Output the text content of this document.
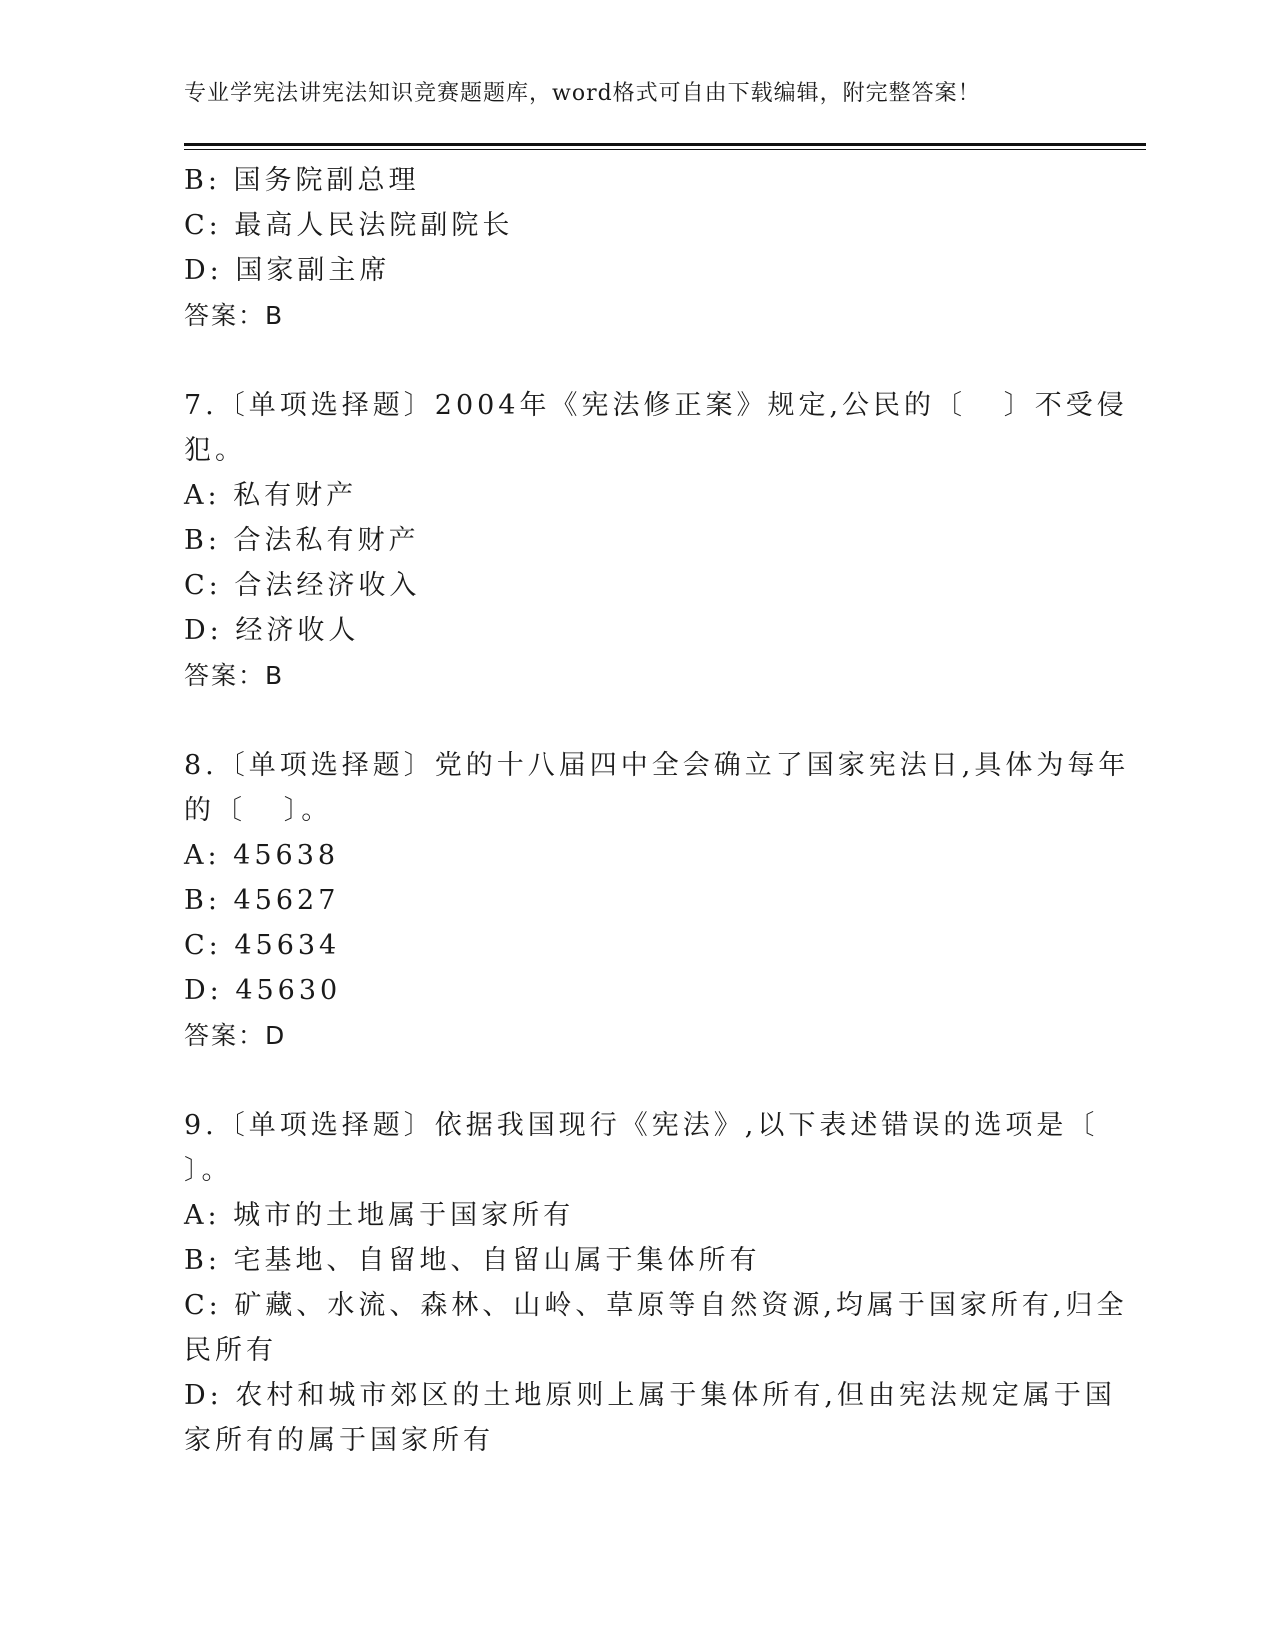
专业学宪法讲宪法知识竞赛题题库，word格式可自由下载编辑，附完整答案！

B: 国务院副总理

C: 最高人民法院副院长

D: 国家副主席

答案：B

7.〔单项选择题〕2004年《宪法修正案》规定,公民的〔   〕不受侵

犯。

A: 私有财产

B: 合法私有财产

C: 合法经济收入

D: 经济收人

答案：B

8.〔单项选择题〕党的十八届四中全会确立了国家宪法日,具体为每年

的〔   〕。

A: 45638

B: 45627

C: 45634

D: 45630

答案：D

9.〔单项选择题〕依据我国现行《宪法》,以下表述错误的选项是〔

〕。

A: 城市的土地属于国家所有

B: 宅基地、自留地、自留山属于集体所有

C: 矿藏、水流、森林、山岭、草原等自然资源,均属于国家所有,归全

民所有

D: 农村和城市郊区的土地原则上属于集体所有,但由宪法规定属于国

家所有的属于国家所有
